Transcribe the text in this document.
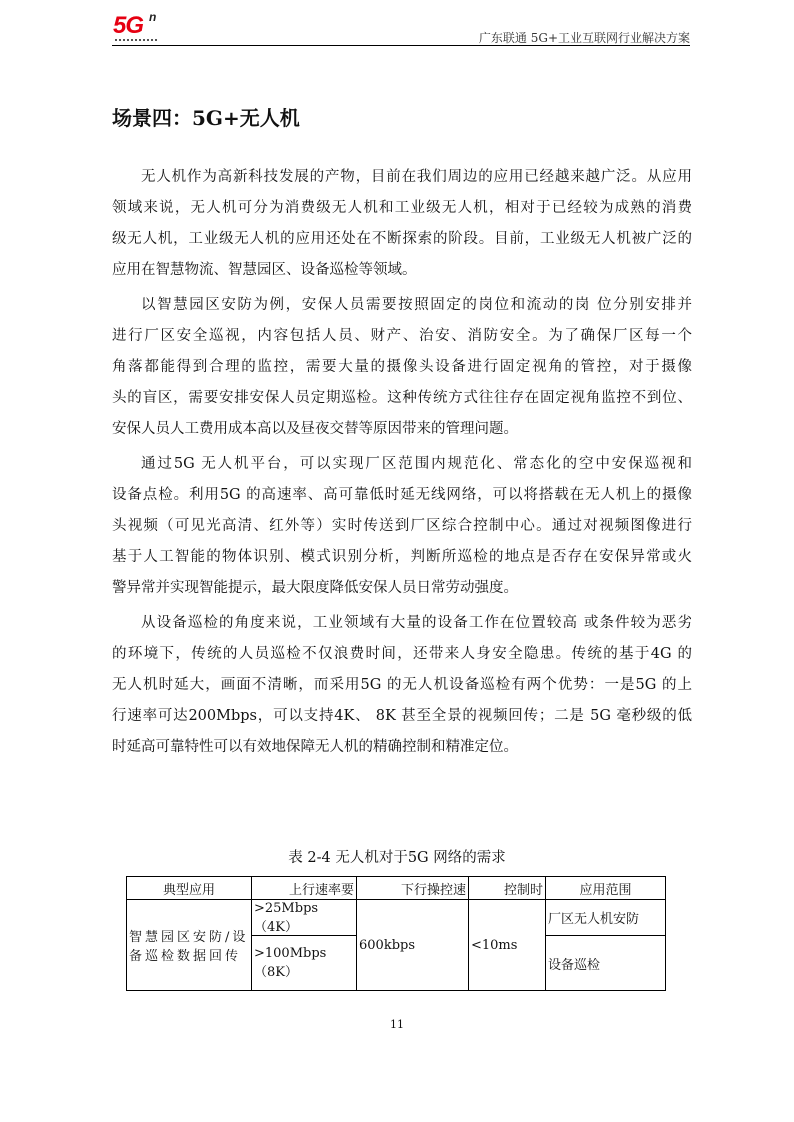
5G n
广东联通 5G+工业互联网行业解决方案
场景四：5G+无人机
无人机作为高新科技发展的产物，目前在我们周边的应用已经越来越广泛。从应用
领域来说，无人机可分为消费级无人机和工业级无人机，相对于已经较为成熟的消费
级无人机，工业级无人机的应用还处在不断探索的阶段。目前，工业级无人机被广泛的
应用在智慧物流、智慧园区、设备巡检等领域。
以智慧园区安防为例，安保人员需要按照固定的岗位和流动的岗 位分别安排并
进行厂区安全巡视，内容包括人员、财产、治安、消防安全。为了确保厂区每一个
角落都能得到合理的监控，需要大量的摄像头设备进行固定视角的管控，对于摄像
头的盲区，需要安排安保人员定期巡检。这种传统方式往往存在固定视角监控不到位、
安保人员人工费用成本高以及昼夜交替等原因带来的管理问题。
通过5G 无人机平台，可以实现厂区范围内规范化、常态化的空中安保巡视和
设备点检。利用5G 的高速率、高可靠低时延无线网络，可以将搭载在无人机上的摄像
头视频（可见光高清、红外等）实时传送到厂区综合控制中心。通过对视频图像进行
基于人工智能的物体识别、模式识别分析，判断所巡检的地点是否存在安保异常或火
警异常并实现智能提示，最大限度降低安保人员日常劳动强度。
从设备巡检的角度来说，工业领域有大量的设备工作在位置较高 或条件较为恶劣
的环境下，传统的人员巡检不仅浪费时间，还带来人身安全隐患。传统的基于4G 的
无人机时延大，画面不清晰，而采用5G 的无人机设备巡检有两个优势：一是5G 的上
行速率可达200Mbps，可以支持4K、 8K 甚至全景的视频回传；二是 5G 毫秒级的低
时延高可靠特性可以有效地保障无人机的精确控制和精准定位。
表 2-4 无人机对于5G 网络的需求
典型应用	上行速率要	下行操控速	控制时	应用范围
智慧园区安防/设备巡检数据回传	>25Mbps（4K）	600kbps	<10ms	厂区无人机安防
	>100Mbps （8K）			设备巡检
11
